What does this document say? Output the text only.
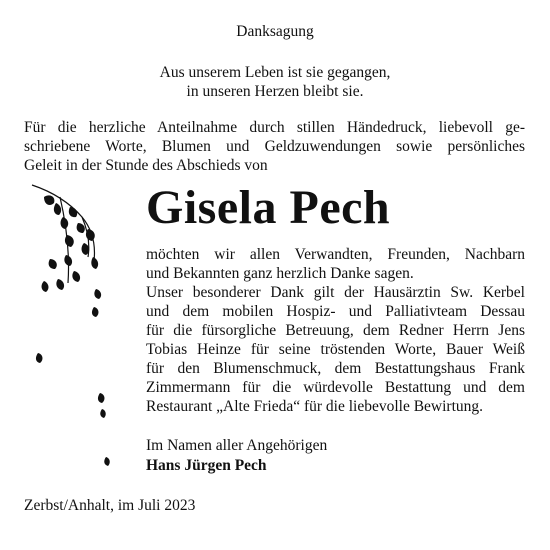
Danksagung
Aus unserem Leben ist sie gegangen,
in unseren Herzen bleibt sie.
Für die herzliche Anteilnahme durch stillen Händedruck, liebevoll ge-
schriebene Worte, Blumen und Geldzuwendungen sowie persönliches
Geleit in der Stunde des Abschieds von
Gisela Pech
möchten wir allen Verwandten, Freunden, Nachbarn
und Bekannten ganz herzlich Danke sagen.
Unser besonderer Dank gilt der Hausärztin Sw. Kerbel
und dem mobilen Hospiz- und Palliativteam Dessau
für die fürsorgliche Betreuung, dem Redner Herrn Jens
Tobias Heinze für seine tröstenden Worte, Bauer Weiß
für den Blumenschmuck, dem Bestattungshaus Frank
Zimmermann für die würdevolle Bestattung und dem
Restaurant „Alte Frieda“ für die liebevolle Bewirtung.
Im Namen aller Angehörigen
Hans Jürgen Pech
Zerbst/Anhalt, im Juli 2023
